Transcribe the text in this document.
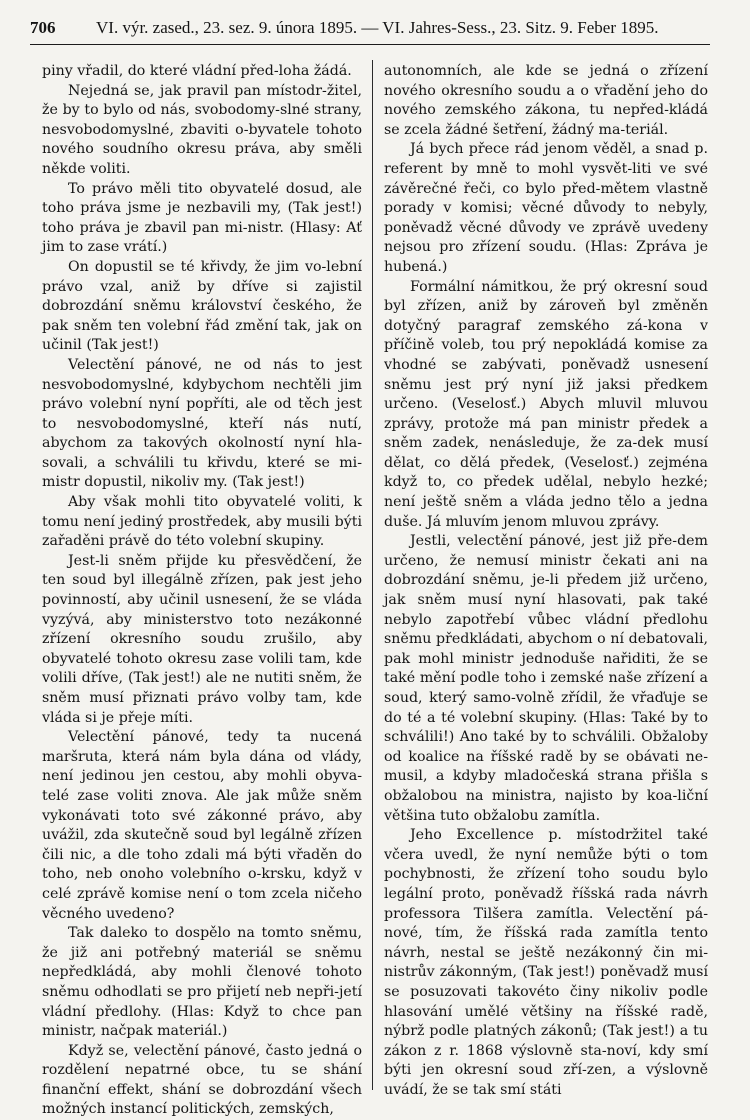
706 VI. výr. zased., 23. sez. 9. února 1895. — VI. Jahres-Sess., 23. Sitz. 9. Feber 1895.

piny vřadil, do které vládní před-loha žádá.

Nejedná se, jak pravil pan místodr-žitel, že by to bylo od nás, svobodomy-slné strany, nesvobodomyslné, zbaviti o-byvatele tohoto nového soudního okresu práva, aby směli někde voliti.

To právo měli tito obyvatelé dosud, ale toho práva jsme je nezbavili my, (Tak jest!) toho práva je zbavil pan mi-nistr. (Hlasy: Ať jim to zase vrátí.)

On dopustil se té křivdy, že jim vo-lební právo vzal, aniž by dříve si zajistil dobrozdání sněmu království českého, že pak sněm ten volební řád změní tak, jak on učinil (Tak jest!)

Velectění pánové, ne od nás to jest nesvobodomyslné, kdybychom nechtěli jim právo volební nyní popříti, ale od těch jest to nesvobodomyslné, kteří nás nutí, abychom za takových okolností nyní hla-sovali, a schválili tu křivdu, které se mi-mistr dopustil, nikoliv my. (Tak jest!)

Aby však mohli tito obyvatelé voliti, k tomu není jediný prostředek, aby musili býti zařaděni právě do této volební skupiny.

Jest-li sněm přijde ku přesvědčení, že ten soud byl illegálně zřízen, pak jest jeho povinností, aby učinil usnesení, že se vláda vyzývá, aby ministerstvo toto nezákonné zřízení okresního soudu zrušilo, aby obyvatelé tohoto okresu zase volili tam, kde volili dříve, (Tak jest!) ale ne nutiti sněm, že sněm musí přiznati právo volby tam, kde vláda si je přeje míti.

Velectění pánové, tedy ta nucená maršruta, která nám byla dána od vlády, není jedinou jen cestou, aby mohli obyva-telé zase voliti znova. Ale jak může sněm vykonávati toto své zákonné právo, aby uvážil, zda skutečně soud byl legálně zřízen čili nic, a dle toho zdali má býti vřaděn do toho, neb onoho volebního o-krsku, když v celé zprávě komise není o tom zcela ničeho věcného uvedeno?

Tak daleko to dospělo na tomto sněmu, že již ani potřebný materiál se sněmu nepředkládá, aby mohli členové tohoto sněmu odhodlati se pro přijetí neb nepři-jetí vládní předlohy. (Hlas: Když to chce pan ministr, načpak materiál.)

Když se, velectění pánové, často jedná o rozdělení nepatrné obce, tu se shání finanční effekt, shání se dobrozdání všech možných instancí politických, zemských,

autonomních, ale kde se jedná o zřízení nového okresního soudu a o vřadění jeho do nového zemského zákona, tu nepřed-kládá se zcela žádné šetření, žádný ma-teriál.

Já bych přece rád jenom věděl, a snad p. referent by mně to mohl vysvět-liti ve své závěrečné řeči, co bylo před-mětem vlastně porady v komisi; věcné důvody to nebyly, poněvadž věcné důvody ve zprávě uvedeny nejsou pro zřízení soudu. (Hlas: Zpráva je hubená.)

Formální námitkou, že prý okresní soud byl zřízen, aniž by zároveň byl změněn dotyčný paragraf zemského zá-kona v příčině voleb, tou prý nepokládá komise za vhodné se zabývati, poněvadž usnesení sněmu jest prý nyní již jaksi předkem určeno. (Veselosť.) Abych mluvil mluvou zprávy, protože má pan ministr předek a sněm zadek, nenásleduje, že za-dek musí dělat, co dělá předek, (Veselosť.) zejména když to, co předek udělal, nebylo hezké; není ještě sněm a vláda jedno tělo a jedna duše. Já mluvím jenom mluvou zprávy.

Jestli, velectění pánové, jest již pře-dem určeno, že nemusí ministr čekati ani na dobrozdání sněmu, je-li předem již určeno, jak sněm musí nyní hlasovati, pak také nebylo zapotřebí vůbec vládní předlohu sněmu předkládati, abychom o ní debatovali, pak mohl ministr jednoduše nařiditi, že se také mění podle toho i zemské naše zřízení a soud, který samo-volně zřídil, že vřaďuje se do té a té volební skupiny. (Hlas: Také by to schválili!) Ano také by to schválili. Obžaloby od koalice na říšské radě by se obávati ne-musil, a kdyby mladočeská strana přišla s obžalobou na ministra, najisto by koa-liční většina tuto obžalobu zamítla.

Jeho Excellence p. místodržitel také včera uvedl, že nyní nemůže býti o tom pochybnosti, že zřízení toho soudu bylo legální proto, poněvadž říšská rada návrh professora Tilšera zamítla. Velectění pá-nové, tím, že říšská rada zamítla tento návrh, nestal se ještě nezákonný čin mi-nistrův zákonným, (Tak jest!) poněvadž musí se posuzovati takovéto činy nikoliv podle hlasování umělé většiny na říšské radě, nýbrž podle platných zákonů; (Tak jest!) a tu zákon z r. 1868 výslovně sta-noví, kdy smí býti jen okresní soud zří-zen, a výslovně uvádí, že se tak smí státi
